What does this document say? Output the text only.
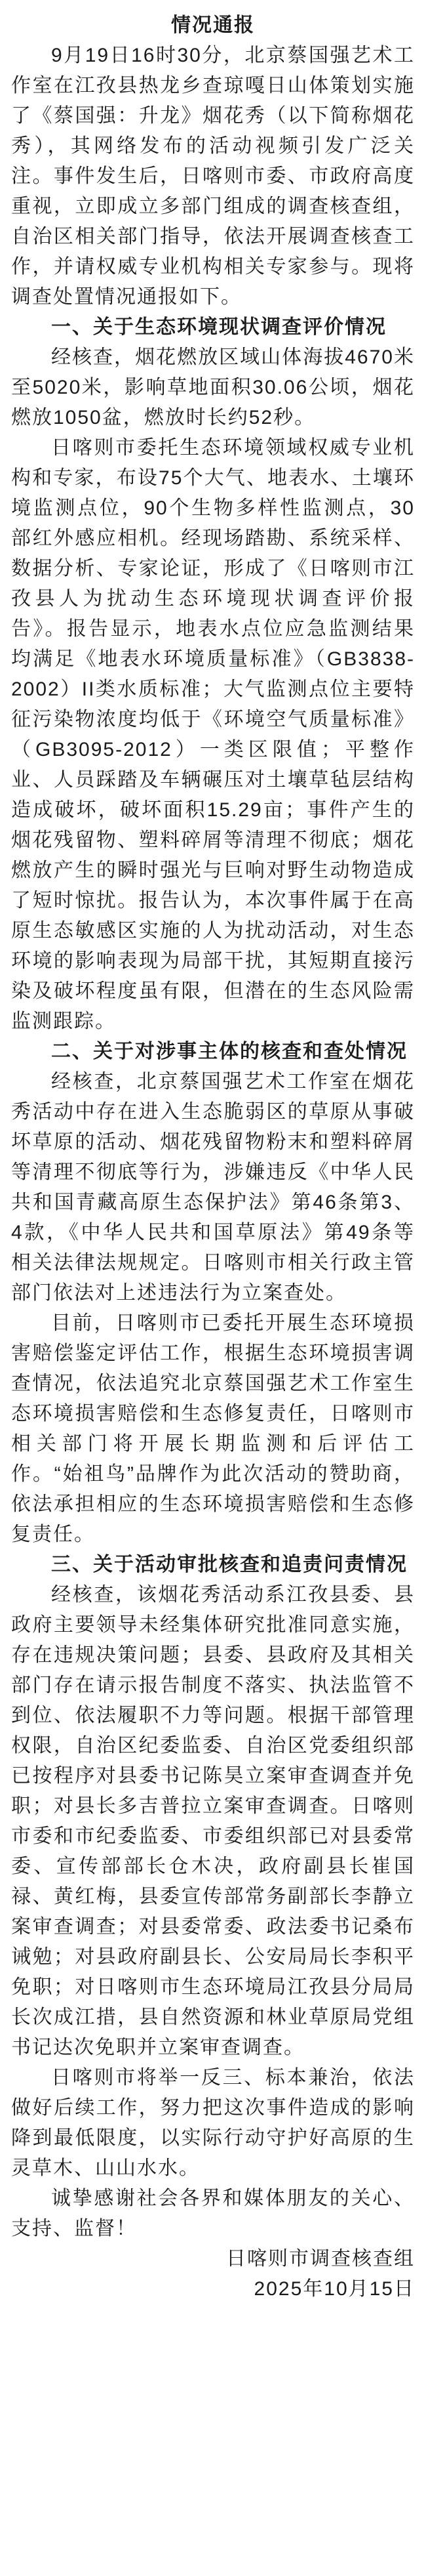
情况通报

9月19日16时30分，北京蔡国强艺术工作室在江孜县热龙乡查琼嘎日山体策划实施了《蔡国强：升龙》烟花秀（以下简称烟花秀），其网络发布的活动视频引发广泛关注。事件发生后，日喀则市委、市政府高度重视，立即成立多部门组成的调查核查组，自治区相关部门指导，依法开展调查核查工作，并请权威专业机构相关专家参与。现将调查处置情况通报如下。

一、关于生态环境现状调查评价情况

经核查，烟花燃放区域山体海拔4670米至5020米，影响草地面积30.06公顷，烟花燃放1050盆，燃放时长约52秒。

日喀则市委托生态环境领域权威专业机构和专家，布设75个大气、地表水、土壤环境监测点位，90个生物多样性监测点，30部红外感应相机。经现场踏勘、系统采样、数据分析、专家论证，形成了《日喀则市江孜县人为扰动生态环境现状调查评价报告》。报告显示，地表水点位应急监测结果均满足《地表水环境质量标准》（GB3838-2002）II类水质标准；大气监测点位主要特征污染物浓度均低于《环境空气质量标准》（GB3095-2012）一类区限值；平整作业、人员踩踏及车辆碾压对土壤草毡层结构造成破坏，破坏面积15.29亩；事件产生的烟花残留物、塑料碎屑等清理不彻底；烟花燃放产生的瞬时强光与巨响对野生动物造成了短时惊扰。报告认为，本次事件属于在高原生态敏感区实施的人为扰动活动，对生态环境的影响表现为局部干扰，其短期直接污染及破坏程度虽有限，但潜在的生态风险需监测跟踪。

二、关于对涉事主体的核查和查处情况

经核查，北京蔡国强艺术工作室在烟花秀活动中存在进入生态脆弱区的草原从事破坏草原的活动、烟花残留物粉末和塑料碎屑等清理不彻底等行为，涉嫌违反《中华人民共和国青藏高原生态保护法》第46条第3、4款，《中华人民共和国草原法》第49条等相关法律法规规定。日喀则市相关行政主管部门依法对上述违法行为立案查处。

目前，日喀则市已委托开展生态环境损害赔偿鉴定评估工作，根据生态环境损害调查情况，依法追究北京蔡国强艺术工作室生态环境损害赔偿和生态修复责任，日喀则市相关部门将开展长期监测和后评估工作。“始祖鸟”品牌作为此次活动的赞助商，依法承担相应的生态环境损害赔偿和生态修复责任。

三、关于活动审批核查和追责问责情况

经核查，该烟花秀活动系江孜县委、县政府主要领导未经集体研究批准同意实施，存在违规决策问题；县委、县政府及其相关部门存在请示报告制度不落实、执法监管不到位、依法履职不力等问题。根据干部管理权限，自治区纪委监委、自治区党委组织部已按程序对县委书记陈昊立案审查调查并免职；对县长多吉普拉立案审查调查。日喀则市委和市纪委监委、市委组织部已对县委常委、宣传部部长仓木决，政府副县长崔国禄、黄红梅，县委宣传部常务副部长李静立案审查调查；对县委常委、政法委书记桑布诫勉；对县政府副县长、公安局局长李积平免职；对日喀则市生态环境局江孜县分局局长次成江措，县自然资源和林业草原局党组书记达次免职并立案审查调查。

日喀则市将举一反三、标本兼治，依法做好后续工作，努力把这次事件造成的影响降到最低限度，以实际行动守护好高原的生灵草木、山山水水。

诚挚感谢社会各界和媒体朋友的关心、支持、监督！

日喀则市调查核查组
2025年10月15日
